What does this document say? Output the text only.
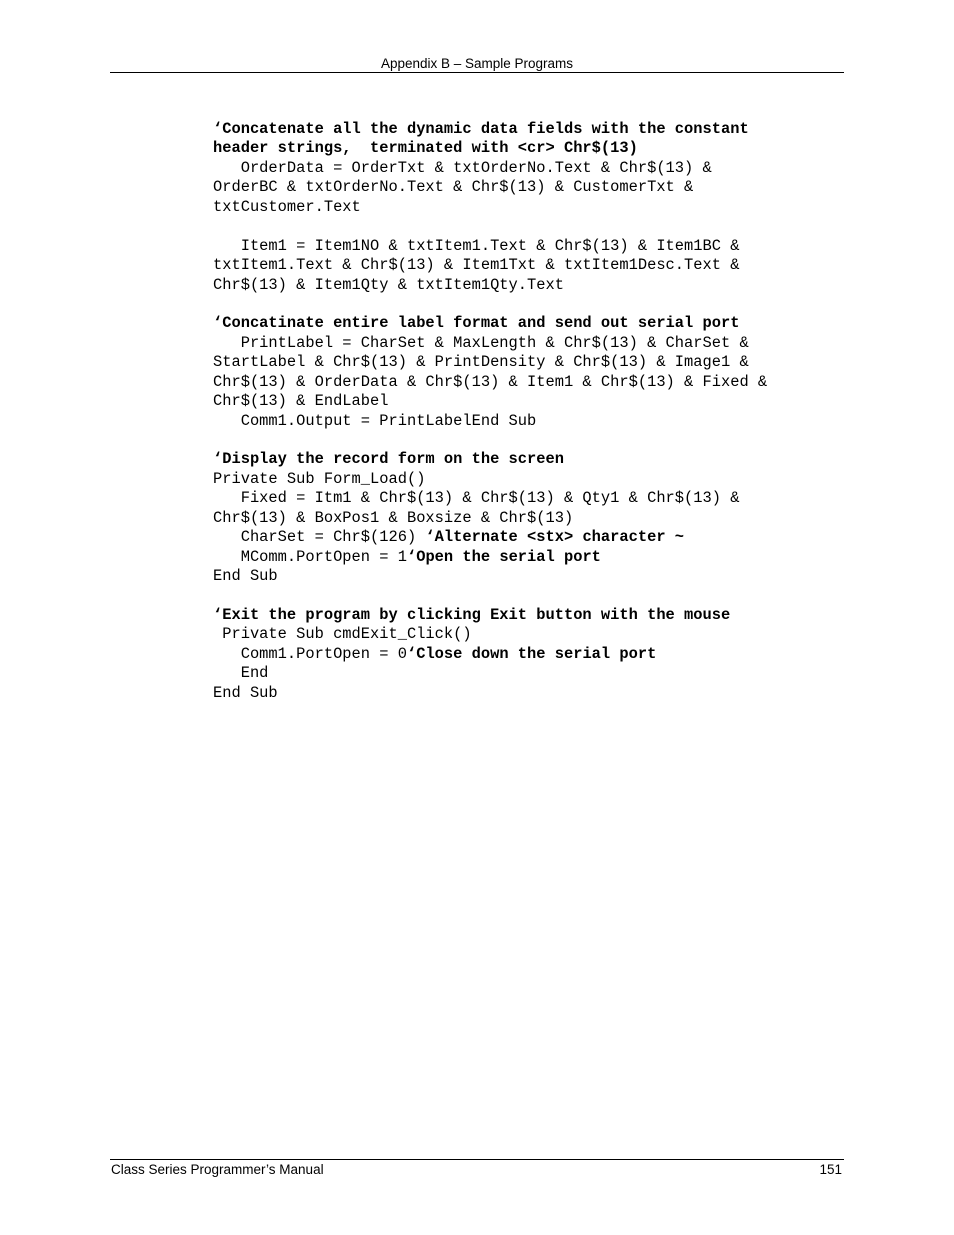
Appendix B – Sample Programs
‘Concatenate all the dynamic data fields with the constant
header strings,  terminated with <cr> Chr$(13)
OrderData = OrderTxt & txtOrderNo.Text & Chr$(13) &
OrderBC & txtOrderNo.Text & Chr$(13) & CustomerTxt &
txtCustomer.Text
Item1 = Item1NO & txtItem1.Text & Chr$(13) & Item1BC &
txtItem1.Text & Chr$(13) & Item1Txt & txtItem1Desc.Text &
Chr$(13) & Item1Qty & txtItem1Qty.Text
‘Concatinate entire label format and send out serial port
PrintLabel = CharSet & MaxLength & Chr$(13) & CharSet &
StartLabel & Chr$(13) & PrintDensity & Chr$(13) & Image1 &
Chr$(13) & OrderData & Chr$(13) & Item1 & Chr$(13) & Fixed &
Chr$(13) & EndLabel
Comm1.Output = PrintLabelEnd Sub
‘Display the record form on the screen
Private Sub Form_Load()
Fixed = Itm1 & Chr$(13) & Chr$(13) & Qty1 & Chr$(13) &
Chr$(13) & BoxPos1 & Boxsize & Chr$(13)
CharSet = Chr$(126) ‘Alternate <stx> character ~
MComm.PortOpen = 1‘Open the serial port
End Sub
‘Exit the program by clicking Exit button with the mouse
Private Sub cmdExit_Click()
Comm1.PortOpen = 0‘Close down the serial port
End
End Sub
Class Series Programmer’s Manual	151
